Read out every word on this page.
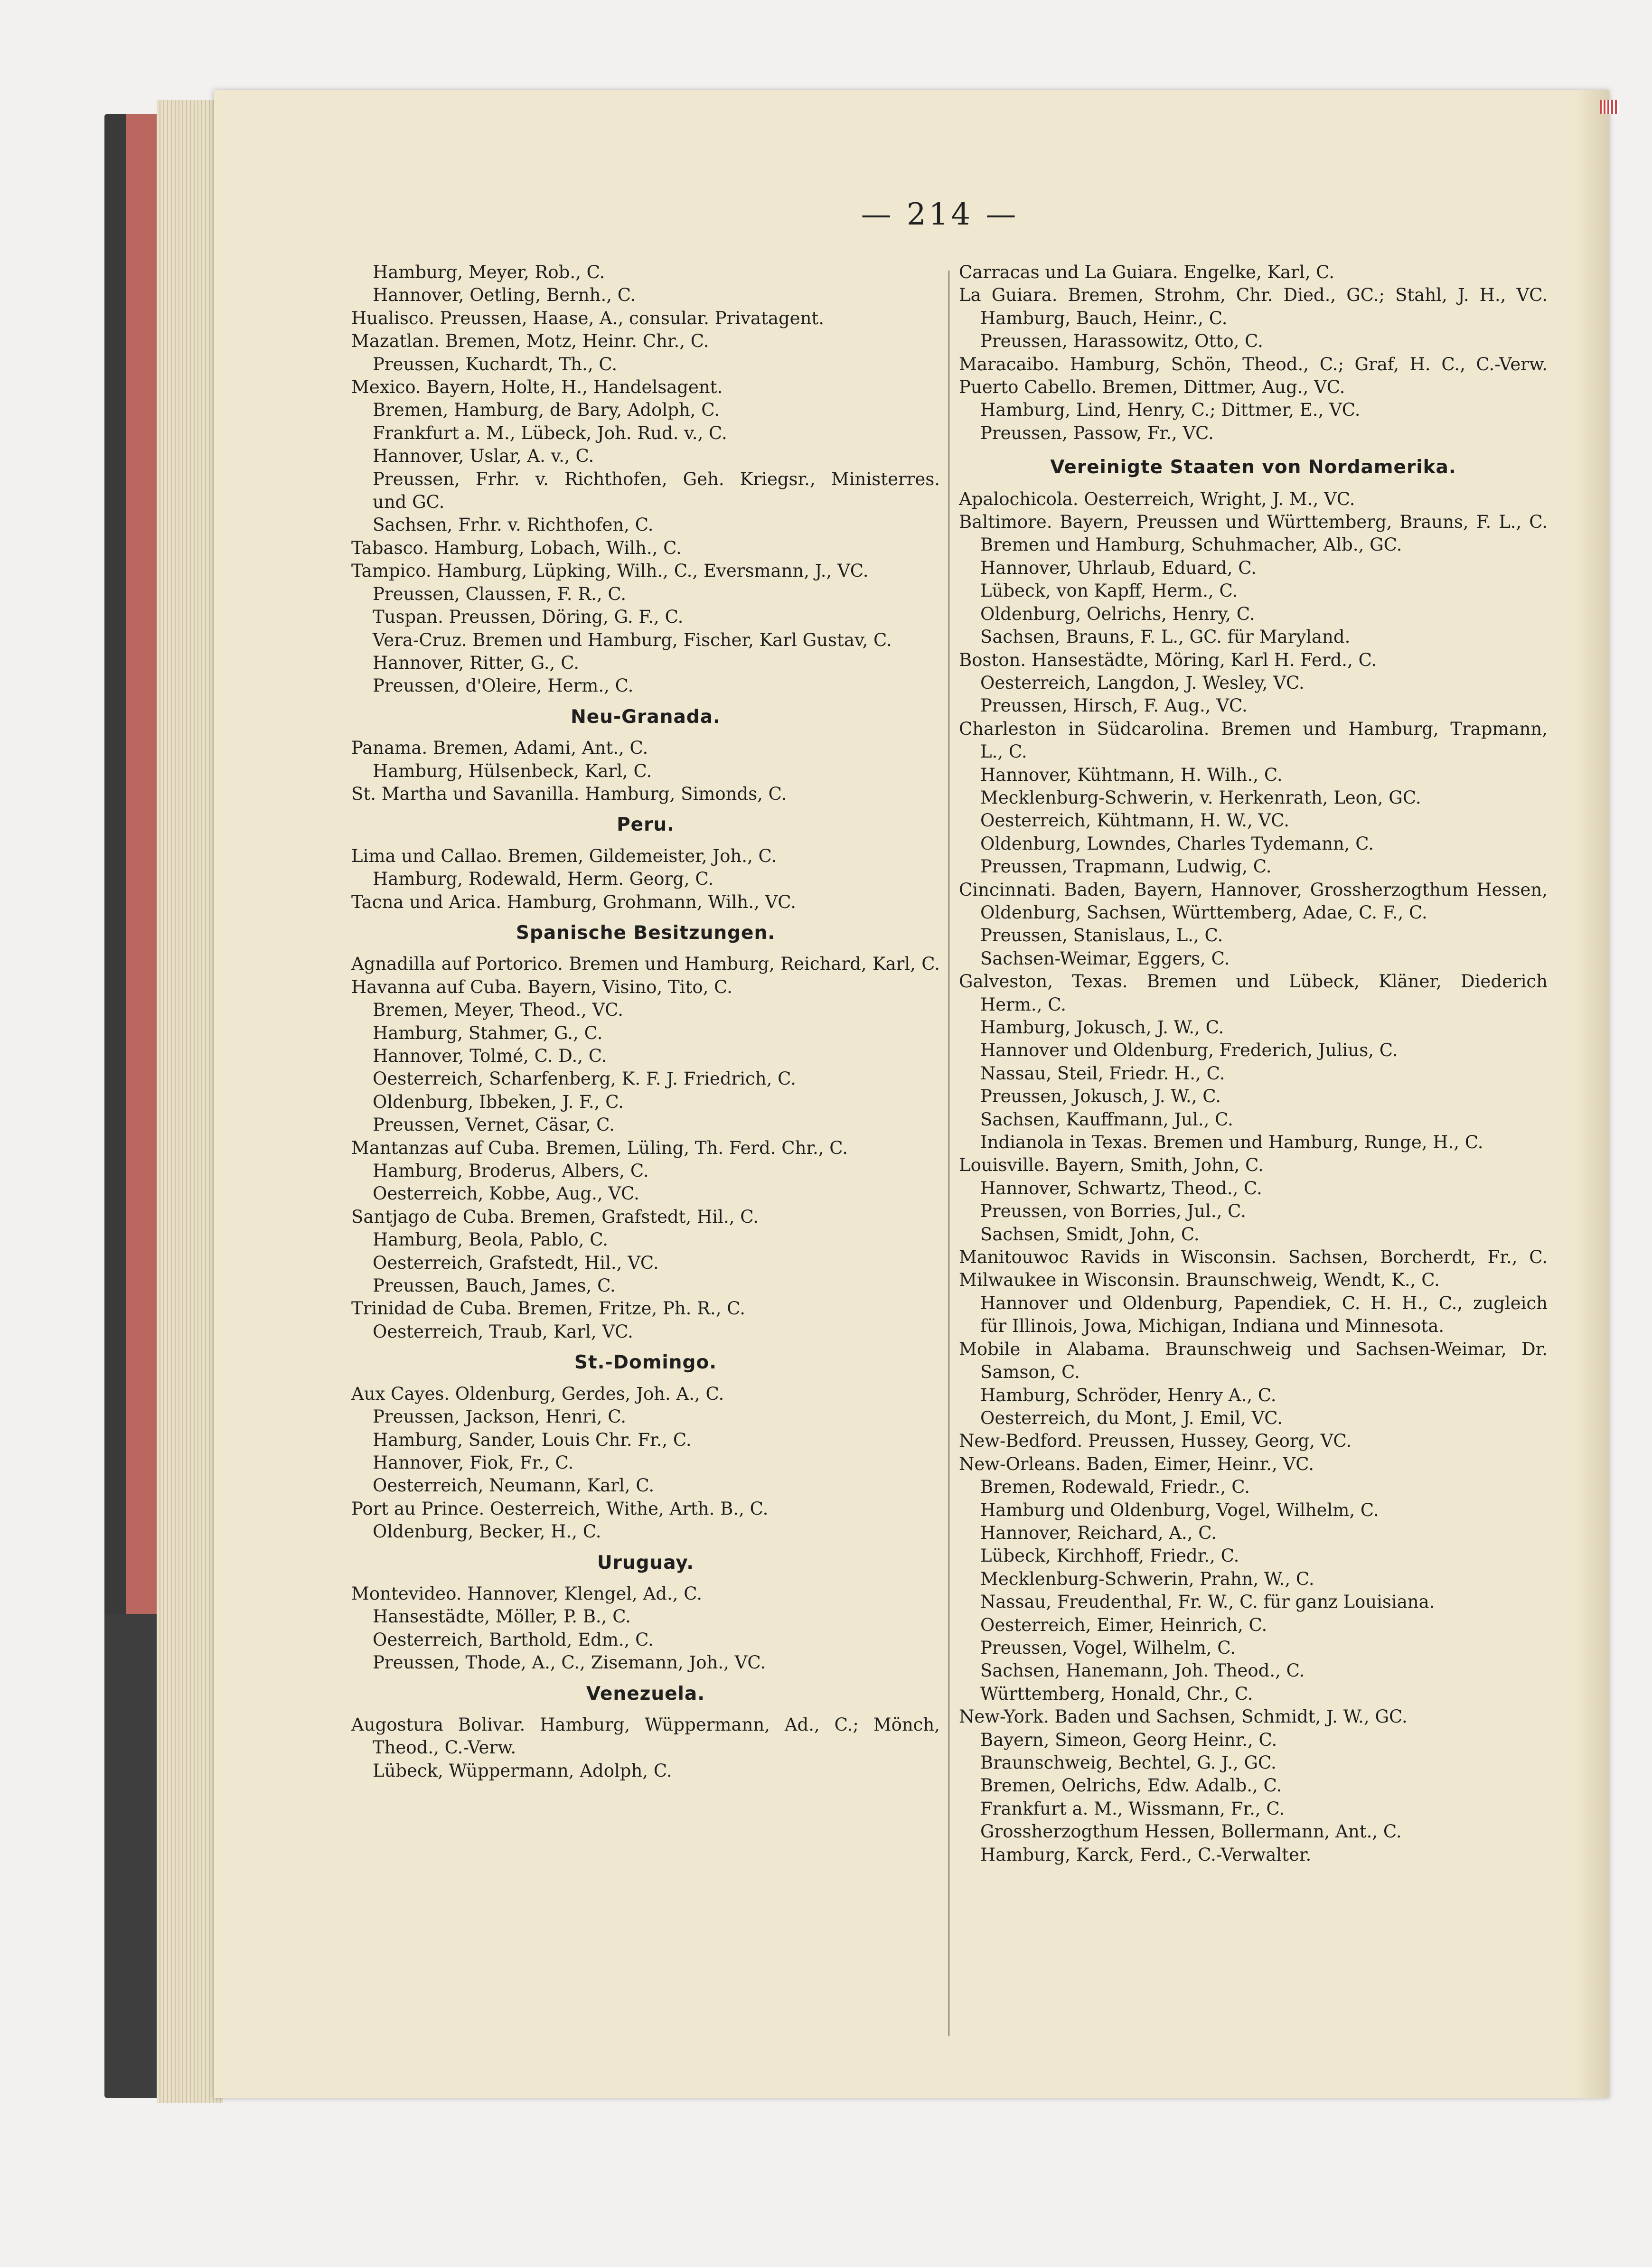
— 214 —
Hamburg, Meyer, Rob., C.
Hannover, Oetling, Bernh., C.
Hualisco. Preussen, Haase, A., consular. Privatagent.
Mazatlan. Bremen, Motz, Heinr. Chr., C.
Preussen, Kuchardt, Th., C.
Mexico. Bayern, Holte, H., Handelsagent.
Bremen, Hamburg, de Bary, Adolph, C.
Frankfurt a. M., Lübeck, Joh. Rud. v., C.
Hannover, Uslar, A. v., C.
Preussen, Frhr. v. Richthofen, Geh. Kriegsr., Ministerres.
und GC.
Sachsen, Frhr. v. Richthofen, C.
Tabasco. Hamburg, Lobach, Wilh., C.
Tampico. Hamburg, Lüpking, Wilh., C., Eversmann, J., VC.
Preussen, Claussen, F. R., C.
Tuspan. Preussen, Döring, G. F., C.
Vera-Cruz. Bremen und Hamburg, Fischer, Karl Gustav, C.
Hannover, Ritter, G., C.
Preussen, d'Oleire, Herm., C.
Neu-Granada.
Panama. Bremen, Adami, Ant., C.
Hamburg, Hülsenbeck, Karl, C.
St. Martha und Savanilla. Hamburg, Simonds, C.
Peru.
Lima und Callao. Bremen, Gildemeister, Joh., C.
Hamburg, Rodewald, Herm. Georg, C.
Tacna und Arica. Hamburg, Grohmann, Wilh., VC.
Spanische Besitzungen.
Agnadilla auf Portorico. Bremen und Hamburg, Reichard, Karl, C.
Havanna auf Cuba. Bayern, Visino, Tito, C.
Bremen, Meyer, Theod., VC.
Hamburg, Stahmer, G., C.
Hannover, Tolmé, C. D., C.
Oesterreich, Scharfenberg, K. F. J. Friedrich, C.
Oldenburg, Ibbeken, J. F., C.
Preussen, Vernet, Cäsar, C.
Mantanzas auf Cuba. Bremen, Lüling, Th. Ferd. Chr., C.
Hamburg, Broderus, Albers, C.
Oesterreich, Kobbe, Aug., VC.
Santjago de Cuba. Bremen, Grafstedt, Hil., C.
Hamburg, Beola, Pablo, C.
Oesterreich, Grafstedt, Hil., VC.
Preussen, Bauch, James, C.
Trinidad de Cuba. Bremen, Fritze, Ph. R., C.
Oesterreich, Traub, Karl, VC.
St.-Domingo.
Aux Cayes. Oldenburg, Gerdes, Joh. A., C.
Preussen, Jackson, Henri, C.
Hamburg, Sander, Louis Chr. Fr., C.
Hannover, Fiok, Fr., C.
Oesterreich, Neumann, Karl, C.
Port au Prince. Oesterreich, Withe, Arth. B., C.
Oldenburg, Becker, H., C.
Uruguay.
Montevideo. Hannover, Klengel, Ad., C.
Hansestädte, Möller, P. B., C.
Oesterreich, Barthold, Edm., C.
Preussen, Thode, A., C., Zisemann, Joh., VC.
Venezuela.
Augostura Bolivar. Hamburg, Wüppermann, Ad., C.; Mönch,
Theod., C.-Verw.
Lübeck, Wüppermann, Adolph, C.
Carracas und La Guiara. Engelke, Karl, C.
La Guiara. Bremen, Strohm, Chr. Died., GC.; Stahl, J. H., VC.
Hamburg, Bauch, Heinr., C.
Preussen, Harassowitz, Otto, C.
Maracaibo. Hamburg, Schön, Theod., C.; Graf, H. C., C.-Verw.
Puerto Cabello. Bremen, Dittmer, Aug., VC.
Hamburg, Lind, Henry, C.; Dittmer, E., VC.
Preussen, Passow, Fr., VC.
Vereinigte Staaten von Nordamerika.
Apalochicola. Oesterreich, Wright, J. M., VC.
Baltimore. Bayern, Preussen und Württemberg, Brauns, F. L., C.
Bremen und Hamburg, Schuhmacher, Alb., GC.
Hannover, Uhrlaub, Eduard, C.
Lübeck, von Kapff, Herm., C.
Oldenburg, Oelrichs, Henry, C.
Sachsen, Brauns, F. L., GC. für Maryland.
Boston. Hansestädte, Möring, Karl H. Ferd., C.
Oesterreich, Langdon, J. Wesley, VC.
Preussen, Hirsch, F. Aug., VC.
Charleston in Südcarolina. Bremen und Hamburg, Trapmann,
L., C.
Hannover, Kühtmann, H. Wilh., C.
Mecklenburg-Schwerin, v. Herkenrath, Leon, GC.
Oesterreich, Kühtmann, H. W., VC.
Oldenburg, Lowndes, Charles Tydemann, C.
Preussen, Trapmann, Ludwig, C.
Cincinnati. Baden, Bayern, Hannover, Grossherzogthum Hessen,
Oldenburg, Sachsen, Württemberg, Adae, C. F., C.
Preussen, Stanislaus, L., C.
Sachsen-Weimar, Eggers, C.
Galveston, Texas. Bremen und Lübeck, Kläner, Diederich
Herm., C.
Hamburg, Jokusch, J. W., C.
Hannover und Oldenburg, Frederich, Julius, C.
Nassau, Steil, Friedr. H., C.
Preussen, Jokusch, J. W., C.
Sachsen, Kauffmann, Jul., C.
Indianola in Texas. Bremen und Hamburg, Runge, H., C.
Louisville. Bayern, Smith, John, C.
Hannover, Schwartz, Theod., C.
Preussen, von Borries, Jul., C.
Sachsen, Smidt, John, C.
Manitouwoc Ravids in Wisconsin. Sachsen, Borcherdt, Fr., C.
Milwaukee in Wisconsin. Braunschweig, Wendt, K., C.
Hannover und Oldenburg, Papendiek, C. H. H., C., zugleich
für Illinois, Jowa, Michigan, Indiana und Minnesota.
Mobile in Alabama. Braunschweig und Sachsen-Weimar, Dr.
Samson, C.
Hamburg, Schröder, Henry A., C.
Oesterreich, du Mont, J. Emil, VC.
New-Bedford. Preussen, Hussey, Georg, VC.
New-Orleans. Baden, Eimer, Heinr., VC.
Bremen, Rodewald, Friedr., C.
Hamburg und Oldenburg, Vogel, Wilhelm, C.
Hannover, Reichard, A., C.
Lübeck, Kirchhoff, Friedr., C.
Mecklenburg-Schwerin, Prahn, W., C.
Nassau, Freudenthal, Fr. W., C. für ganz Louisiana.
Oesterreich, Eimer, Heinrich, C.
Preussen, Vogel, Wilhelm, C.
Sachsen, Hanemann, Joh. Theod., C.
Württemberg, Honald, Chr., C.
New-York. Baden und Sachsen, Schmidt, J. W., GC.
Bayern, Simeon, Georg Heinr., C.
Braunschweig, Bechtel, G. J., GC.
Bremen, Oelrichs, Edw. Adalb., C.
Frankfurt a. M., Wissmann, Fr., C.
Grossherzogthum Hessen, Bollermann, Ant., C.
Hamburg, Karck, Ferd., C.-Verwalter.
